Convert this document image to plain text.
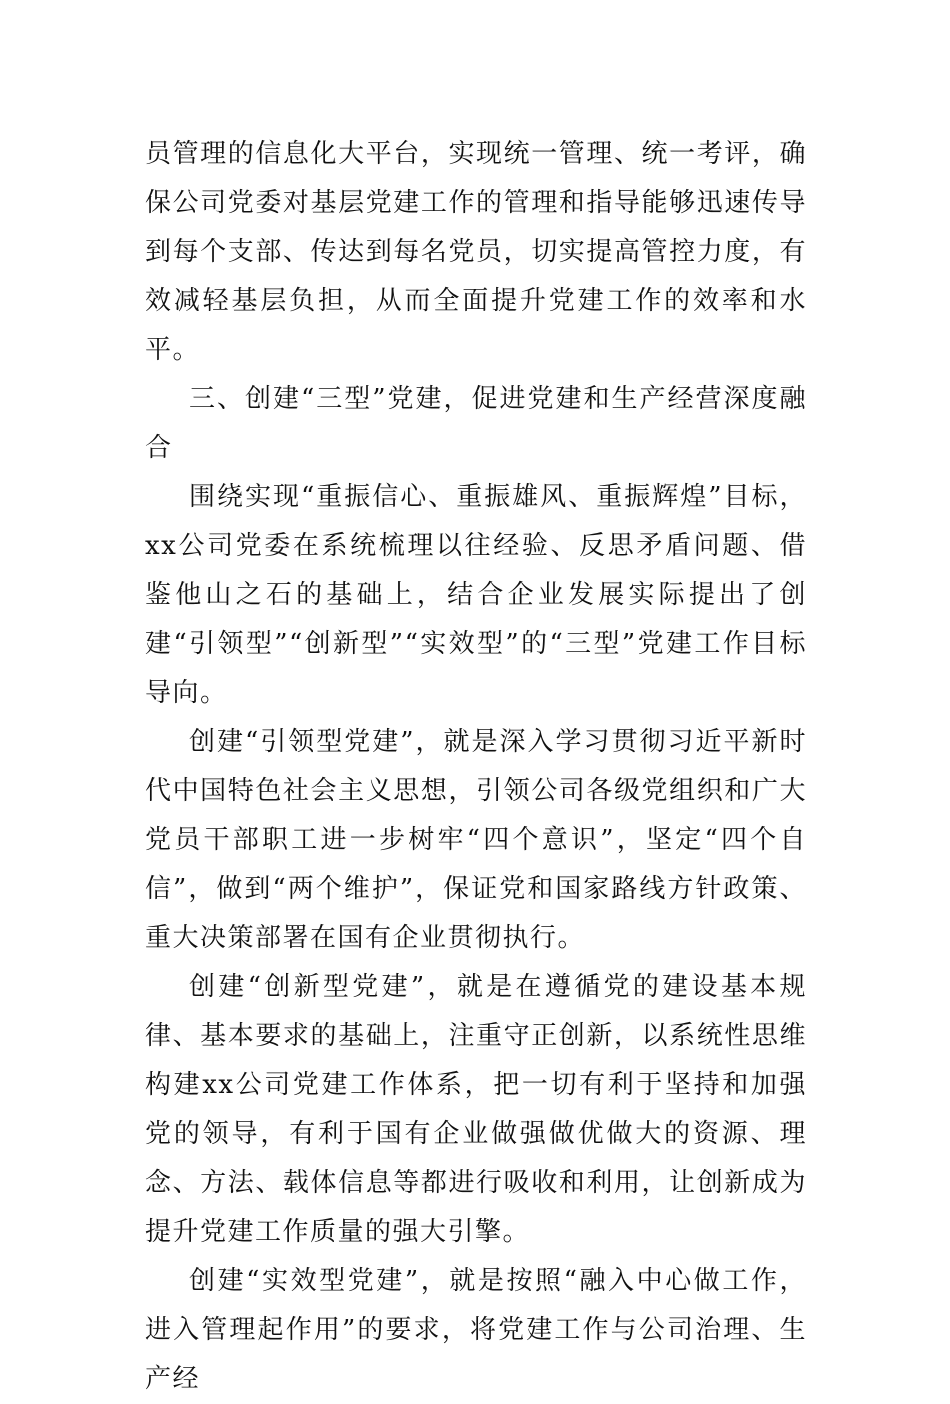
员管理的信息化大平台，实现统一管理、统一考评，确保公司党委对基层党建工作的管理和指导能够迅速传导到每个支部、传达到每名党员，切实提高管控力度，有效减轻基层负担，从而全面提升党建工作的效率和水平。

三、创建“三型”党建，促进党建和生产经营深度融合

围绕实现“重振信心、重振雄风、重振辉煌”目标，xx公司党委在系统梳理以往经验、反思矛盾问题、借鉴他山之石的基础上，结合企业发展实际提出了创建“引领型”“创新型”“实效型”的“三型”党建工作目标导向。

创建“引领型党建”，就是深入学习贯彻习近平新时代中国特色社会主义思想，引领公司各级党组织和广大党员干部职工进一步树牢“四个意识”，坚定“四个自信”，做到“两个维护”，保证党和国家路线方针政策、重大决策部署在国有企业贯彻执行。

创建“创新型党建”，就是在遵循党的建设基本规律、基本要求的基础上，注重守正创新，以系统性思维构建xx公司党建工作体系，把一切有利于坚持和加强党的领导，有利于国有企业做强做优做大的资源、理念、方法、载体信息等都进行吸收和利用，让创新成为提升党建工作质量的强大引擎。

创建“实效型党建”，就是按照“融入中心做工作，进入管理起作用”的要求，将党建工作与公司治理、生产经
